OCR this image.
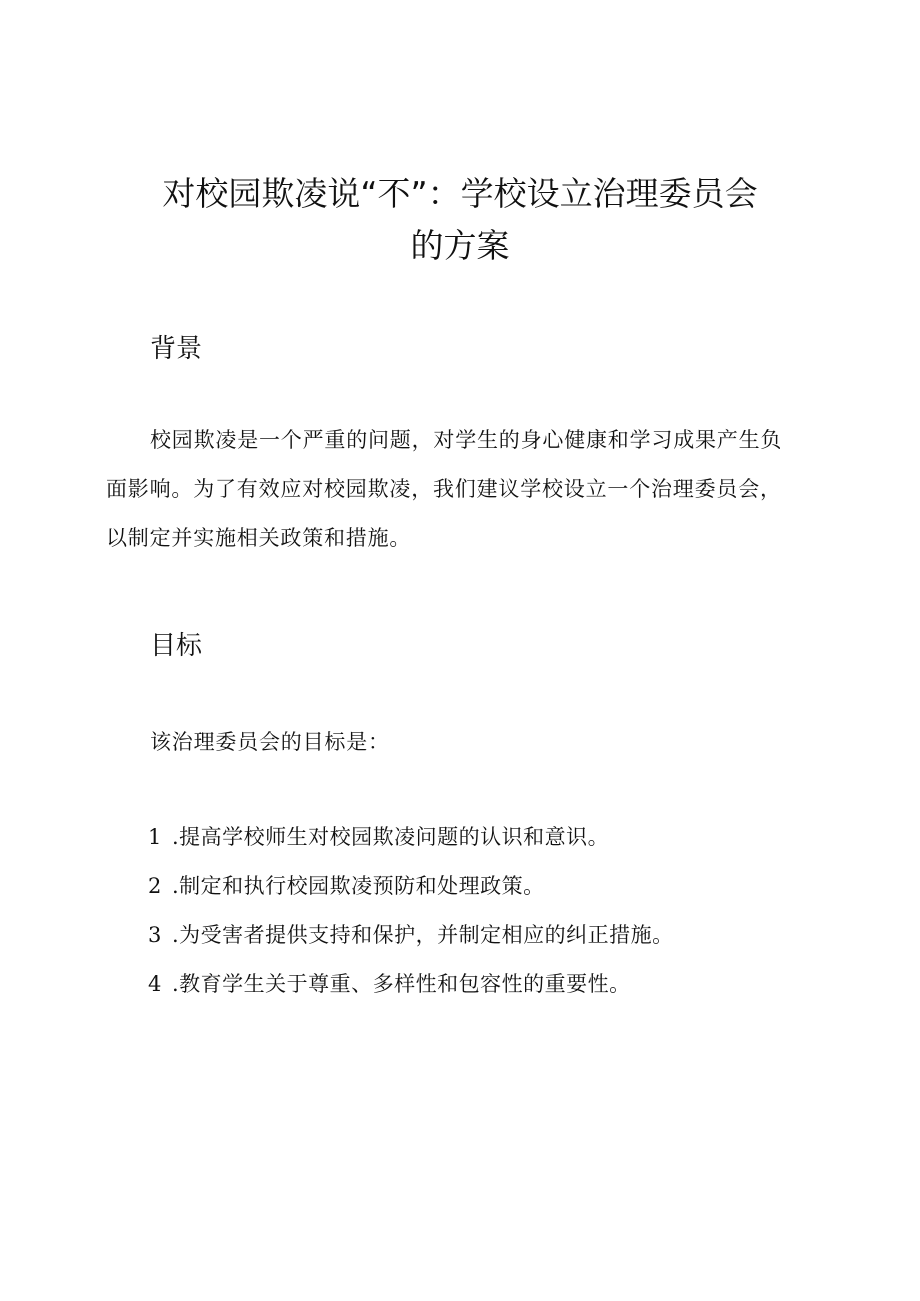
对校园欺凌说“不”：学校设立治理委员会
的方案
背景
校园欺凌是一个严重的问题，对学生的身心健康和学习成果产生负
面影响。为了有效应对校园欺凌，我们建议学校设立一个治理委员会，
以制定并实施相关政策和措施。
目标
该治理委员会的目标是：
1 .提高学校师生对校园欺凌问题的认识和意识。
2 .制定和执行校园欺凌预防和处理政策。
3 .为受害者提供支持和保护，并制定相应的纠正措施。
4 .教育学生关于尊重、多样性和包容性的重要性。
